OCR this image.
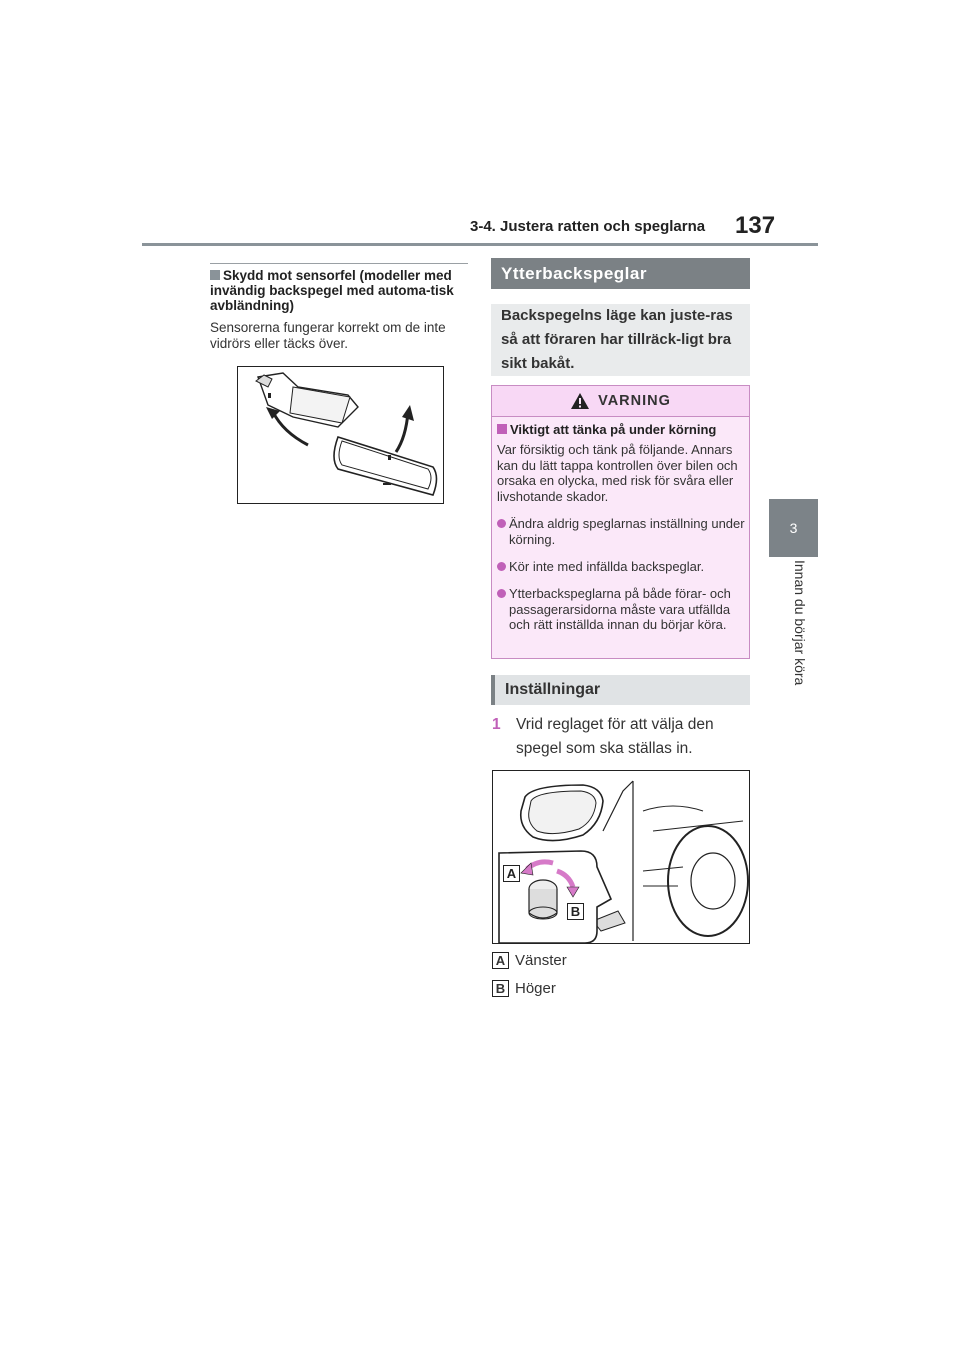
3-4. Justera ratten och speglarna 137
3
Innan du börjar köra
Skydd mot sensorfel (modeller med invändig backspegel med automa-tisk avbländning)
Sensorerna fungerar korrekt om de inte vidrörs eller täcks över.
Ytterbackspeglar
Backspegelns läge kan juste-ras så att föraren har tillräck-ligt bra sikt bakåt.
VARNING
Viktigt att tänka på under körning
Var försiktig och tänk på följande. Annars kan du lätt tappa kontrollen över bilen och orsaka en olycka, med risk för svåra eller livshotande skador.
Ändra aldrig speglarnas inställning under körning.
Kör inte med infällda backspeglar.
Ytterbackspeglarna på både förar- och passagerarsidorna måste vara utfällda och rätt inställda innan du börjar köra.
Inställningar
1 Vrid reglaget för att välja den spegel som ska ställas in.
A
B
A Vänster
B Höger
